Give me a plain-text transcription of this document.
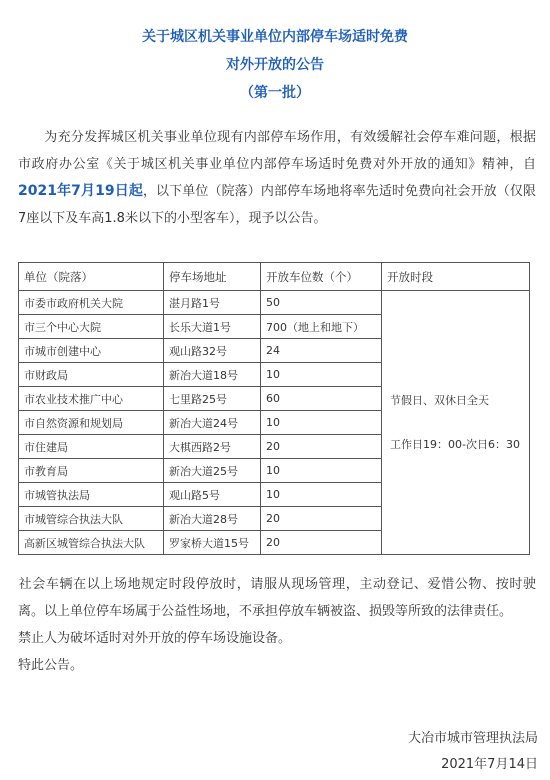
关于城区机关事业单位内部停车场适时免费
对外开放的公告
（第一批）
为充分发挥城区机关事业单位现有内部停车场作用，有效缓解社会停车难问题，根据市政府办公室《关于城区机关事业单位内部停车场适时免费对外开放的通知》精神，自2021年7月19日起，以下单位（院落）内部停车场地将率先适时免费向社会开放（仅限7座以下及车高1.8米以下的小型客车），现予以公告。
单位（院落）	停车场地址	开放车位数（个）	开放时段
市委市政府机关大院	湛月路1号	50	节假日、双休日全天
工作日19：00-次日6：30
市三个中心大院	长乐大道1号	700（地上和地下）	
市城市创建中心	观山路32号	24	
市财政局	新冶大道18号	10	
市农业技术推广中心	七里路25号	60	
市自然资源和规划局	新冶大道24号	10	
市住建局	大棋西路2号	20	
市教育局	新冶大道25号	10	
市城管执法局	观山路5号	10	
市城管综合执法大队	新冶大道28号	20	
高新区城管综合执法大队	罗家桥大道15号	20	

社会车辆在以上场地规定时段停放时，请服从现场管理，主动登记、爱惜公物、按时驶离。以上单位停车场属于公益性场地，不承担停放车辆被盗、损毁等所致的法律责任。

禁止人为破坏适时对外开放的停车场设施设备。

特此公告。

大冶市城市管理执法局
2021年7月14日
